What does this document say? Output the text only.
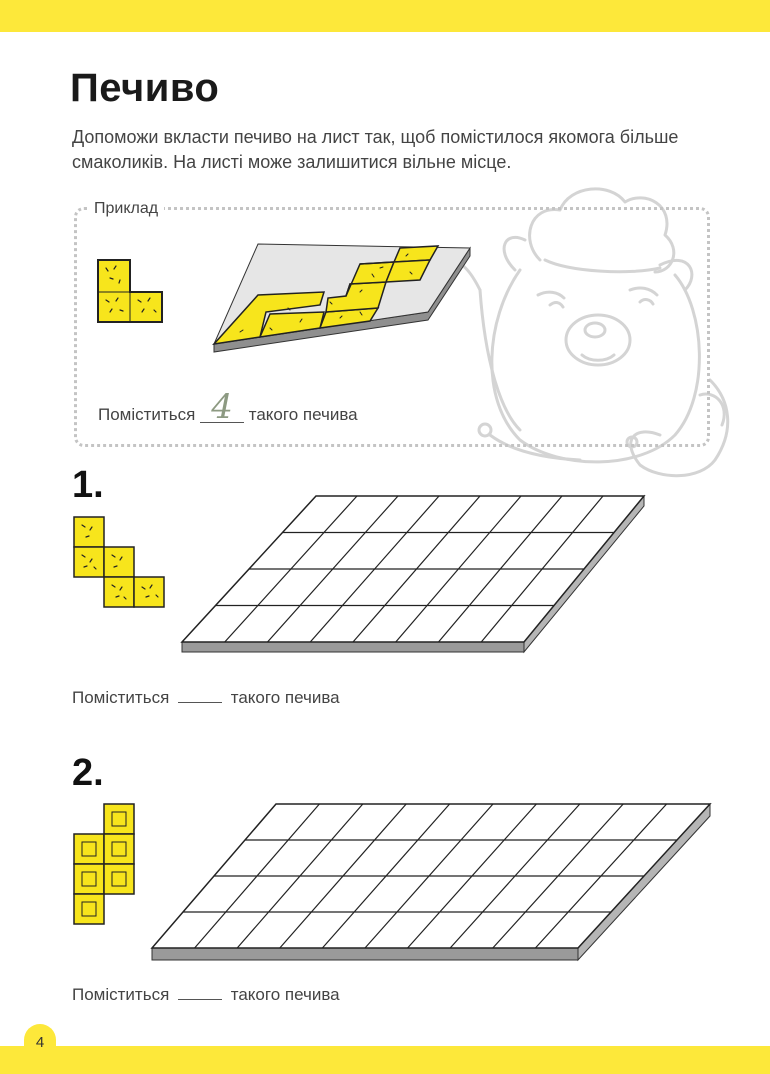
4
Печиво
Допоможи вкласти печиво на лист так, щоб помістилося якомога більше смаколиків. На листі може залишитися вільне місце.
Приклад
Поміститься 4 такого печива
1.
Поміститься	такого печива
2.
Поміститься	такого печива
